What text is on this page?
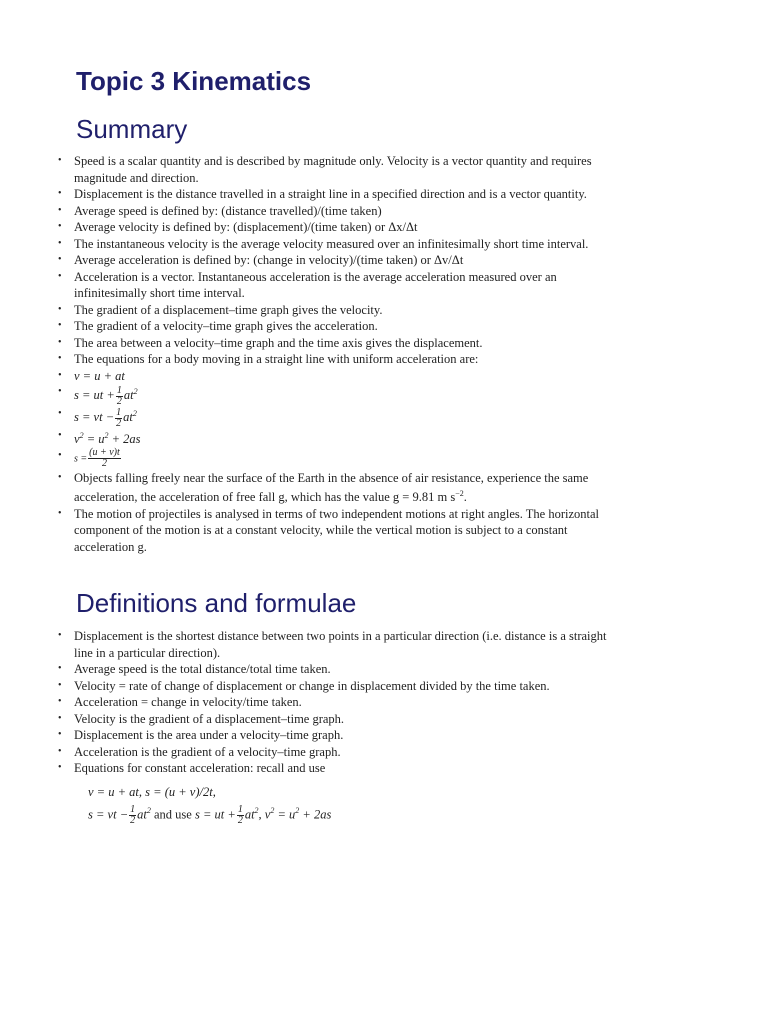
Topic 3 Kinematics
Summary
• Speed is a scalar quantity and is described by magnitude only. Velocity is a vector quantity and requires
magnitude and direction.
• Displacement is the distance travelled in a straight line in a specified direction and is a vector quantity.
• Average speed is defined by: (distance travelled)/(time taken)
• Average velocity is defined by: (displacement)/(time taken) or Δx/Δt
• The instantaneous velocity is the average velocity measured over an infinitesimally short time interval.
• Average acceleration is defined by: (change in velocity)/(time taken) or Δv/Δt
• Acceleration is a vector. Instantaneous acceleration is the average acceleration measured over an
infinitesimally short time interval.
• The gradient of a displacement–time graph gives the velocity.
• The gradient of a velocity–time graph gives the acceleration.
• The area between a velocity–time graph and the time axis gives the displacement.
• The equations for a body moving in a straight line with uniform acceleration are:
• v = u + at
• s = ut + $\frac{1}{2} at^2$
• s = vt − $\frac{1}{2} at^2$
• $v^2 = u^2 + 2as$
• $s = \frac{(u + v)t}{2}$
• Objects falling freely near the surface of the Earth in the absence of air resistance, experience the same
acceleration, the acceleration of free fall g, which has the value g = 9.81 m $s^{-2}$.
• The motion of projectiles is analysed in terms of two independent motions at right angles. The horizontal
component of the motion is at a constant velocity, while the vertical motion is subject to a constant
acceleration g.
Definitions and formulae
• Displacement is the shortest distance between two points in a particular direction (i.e. distance is a straight
line in a particular direction).
• Average speed is the total distance/total time taken.
• Velocity = rate of change of displacement or change in displacement divided by the time taken.
• Acceleration = change in velocity/time taken.
• Velocity is the gradient of a displacement–time graph.
• Displacement is the area under a velocity–time graph.
• Acceleration is the gradient of a velocity–time graph.
• Equations for constant acceleration: recall and use
v = u + at, s = (u + v)/2t,
s = vt − $\frac{1}{2} at^2$ and use s = ut + $\frac{1}{2} at^2$, $v^2 = u^2 + 2as$
